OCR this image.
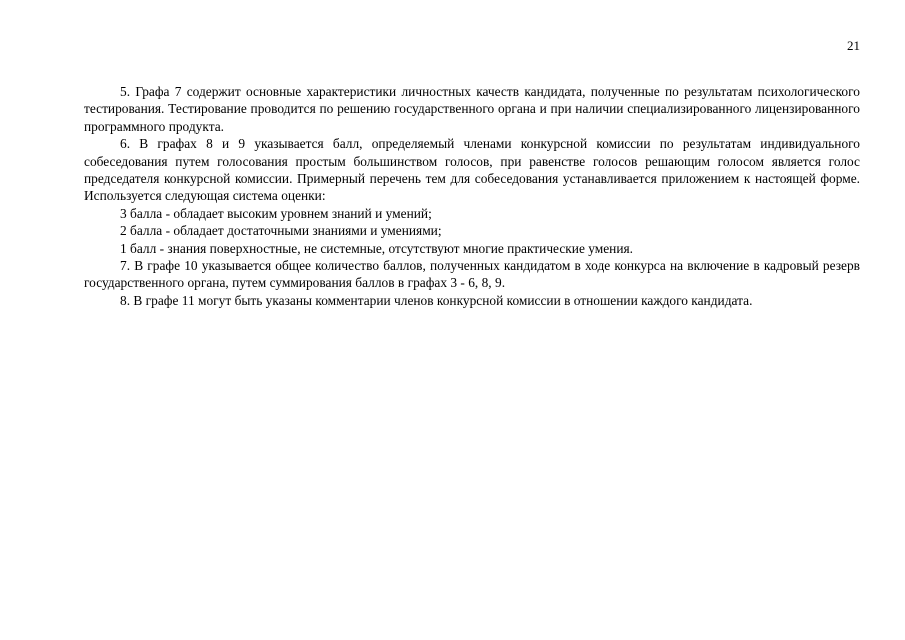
21

5. Графа 7 содержит основные характеристики личностных качеств кандидата, полученные по результатам психологического тестирования. Тестирование проводится по решению государственного органа и при наличии специализированного лицензированного программного продукта.

6. В графах 8 и 9 указывается балл, определяемый членами конкурсной комиссии по результатам индивидуального собеседования путем голосования простым большинством голосов, при равенстве голосов решающим голосом является голос председателя конкурсной комиссии. Примерный перечень тем для собеседования устанавливается приложением к настоящей форме. Используется следующая система оценки:

3 балла - обладает высоким уровнем знаний и умений;

2 балла - обладает достаточными знаниями и умениями;

1 балл - знания поверхностные, не системные, отсутствуют многие практические умения.

7. В графе 10 указывается общее количество баллов, полученных кандидатом в ходе конкурса на включение в кадровый резерв государственного органа, путем суммирования баллов в графах 3 - 6, 8, 9.

8. В графе 11 могут быть указаны комментарии членов конкурсной комиссии в отношении каждого кандидата.
